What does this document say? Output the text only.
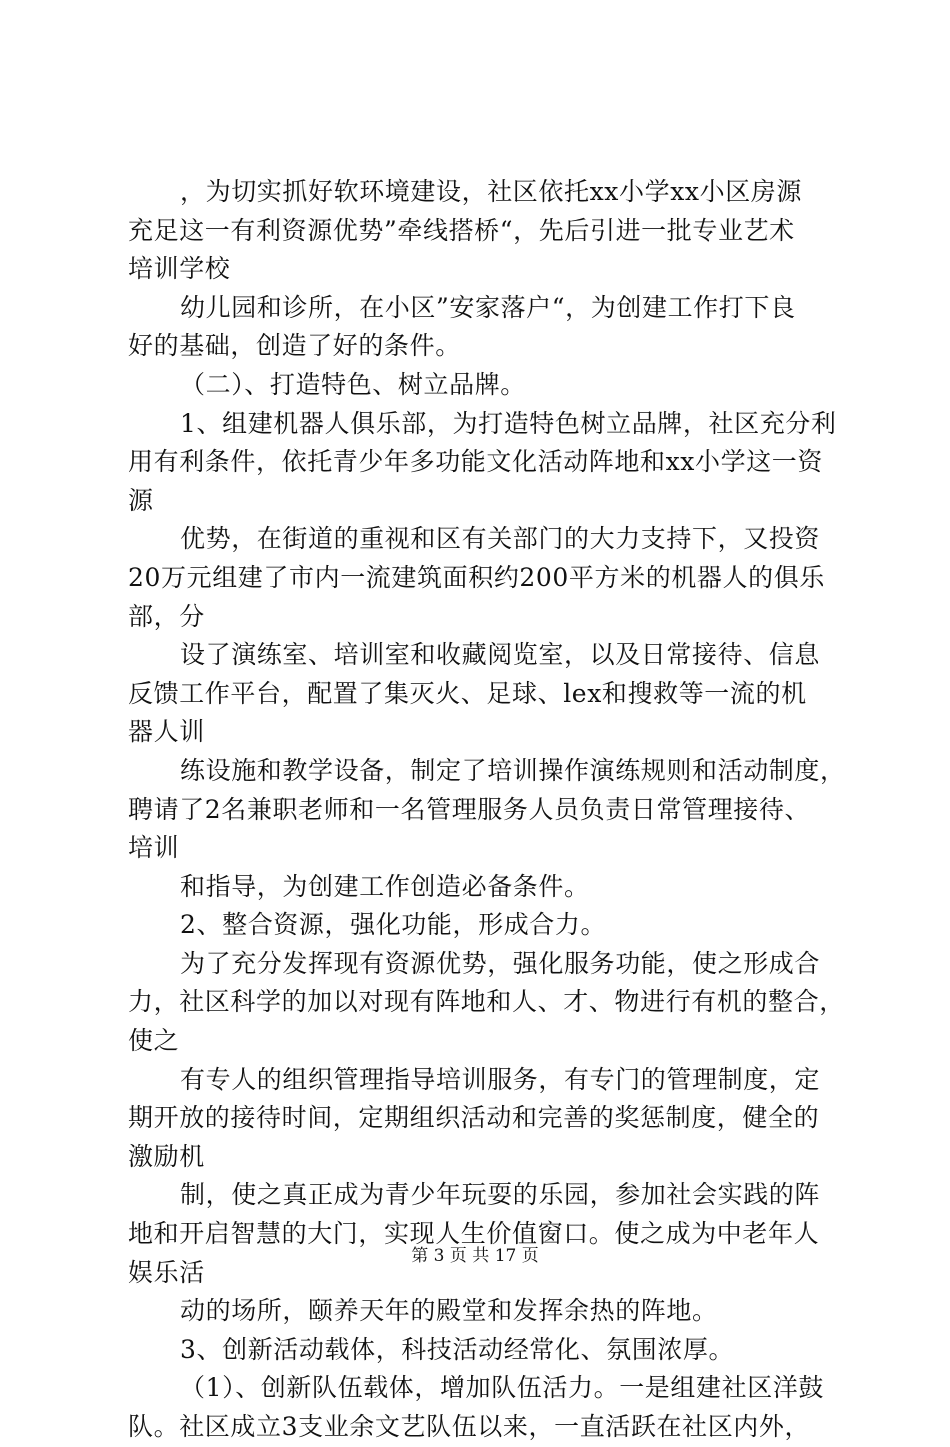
，为切实抓好软环境建设，社区依托xx小学xx小区房源
充足这一有利资源优势”牵线搭桥“，先后引进一批专业艺术
培训学校
幼儿园和诊所，在小区”安家落户“，为创建工作打下良
好的基础，创造了好的条件。
（二）、打造特色、树立品牌。
1、组建机器人俱乐部，为打造特色树立品牌，社区充分利
用有利条件，依托青少年多功能文化活动阵地和xx小学这一资
源
优势，在街道的重视和区有关部门的大力支持下，又投资
20万元组建了市内一流建筑面积约200平方米的机器人的俱乐
部，分
设了演练室、培训室和收藏阅览室，以及日常接待、信息
反馈工作平台，配置了集灭火、足球、lex和搜救等一流的机
器人训
练设施和教学设备，制定了培训操作演练规则和活动制度，
聘请了2名兼职老师和一名管理服务人员负责日常管理接待、
培训
和指导，为创建工作创造必备条件。
2、整合资源，强化功能，形成合力。
为了充分发挥现有资源优势，强化服务功能，使之形成合
力，社区科学的加以对现有阵地和人、才、物进行有机的整合，
使之
有专人的组织管理指导培训服务，有专门的管理制度，定
期开放的接待时间，定期组织活动和完善的奖惩制度，健全的
激励机
制，使之真正成为青少年玩耍的乐园，参加社会实践的阵
地和开启智慧的大门，实现人生价值窗口。使之成为中老年人
娱乐活
动的场所，颐养天年的殿堂和发挥余热的阵地。
3、创新活动载体，科技活动经常化、氛围浓厚。
（1）、创新队伍载体，增加队伍活力。一是组建社区洋鼓
队。社区成立3支业余文艺队伍以来，一直活跃在社区内外，
第 3 页 共 17 页
